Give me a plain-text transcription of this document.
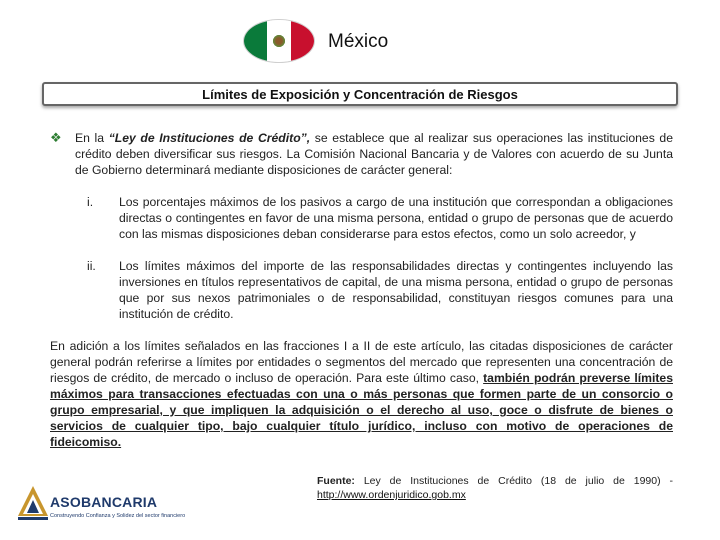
México
Límites de Exposición y Concentración de Riesgos
❖	En la “Ley de Instituciones de Crédito”, se establece que al realizar sus operaciones las instituciones de crédito deben diversificar sus riesgos. La Comisión Nacional Bancaria y de Valores con acuerdo de su Junta de Gobierno determinará mediante disposiciones de carácter general:
i.	Los porcentajes máximos de los pasivos a cargo de una institución que correspondan a obligaciones directas o contingentes en favor de una misma persona, entidad o grupo de personas que de acuerdo con las mismas disposiciones deban considerarse para estos efectos, como un solo acreedor, y
ii.	Los límites máximos del importe de las responsabilidades directas y contingentes incluyendo las inversiones en títulos representativos de capital, de una misma persona, entidad o grupo de personas que por sus nexos patrimoniales o de responsabilidad, constituyan riesgos comunes para una institución de crédito.
En adición a los límites señalados en las fracciones I a II de este artículo, las citadas disposiciones de carácter general podrán referirse a límites por entidades o segmentos del mercado que representen una concentración de riesgos de crédito, de mercado o incluso de operación. Para este último caso, también podrán preverse límites máximos para transacciones efectuadas con una o más personas que formen parte de un consorcio o grupo empresarial, y que impliquen la adquisición o el derecho al uso, goce o disfrute de bienes o servicios de cualquier tipo, bajo cualquier título jurídico, incluso con motivo de operaciones de fideicomiso.
Fuente: Ley de Instituciones de Crédito (18 de julio de 1990) - http://www.ordenjuridico.gob.mx
ASOBANCARIA
Construyendo Confianza y Solidez del sector financiero
